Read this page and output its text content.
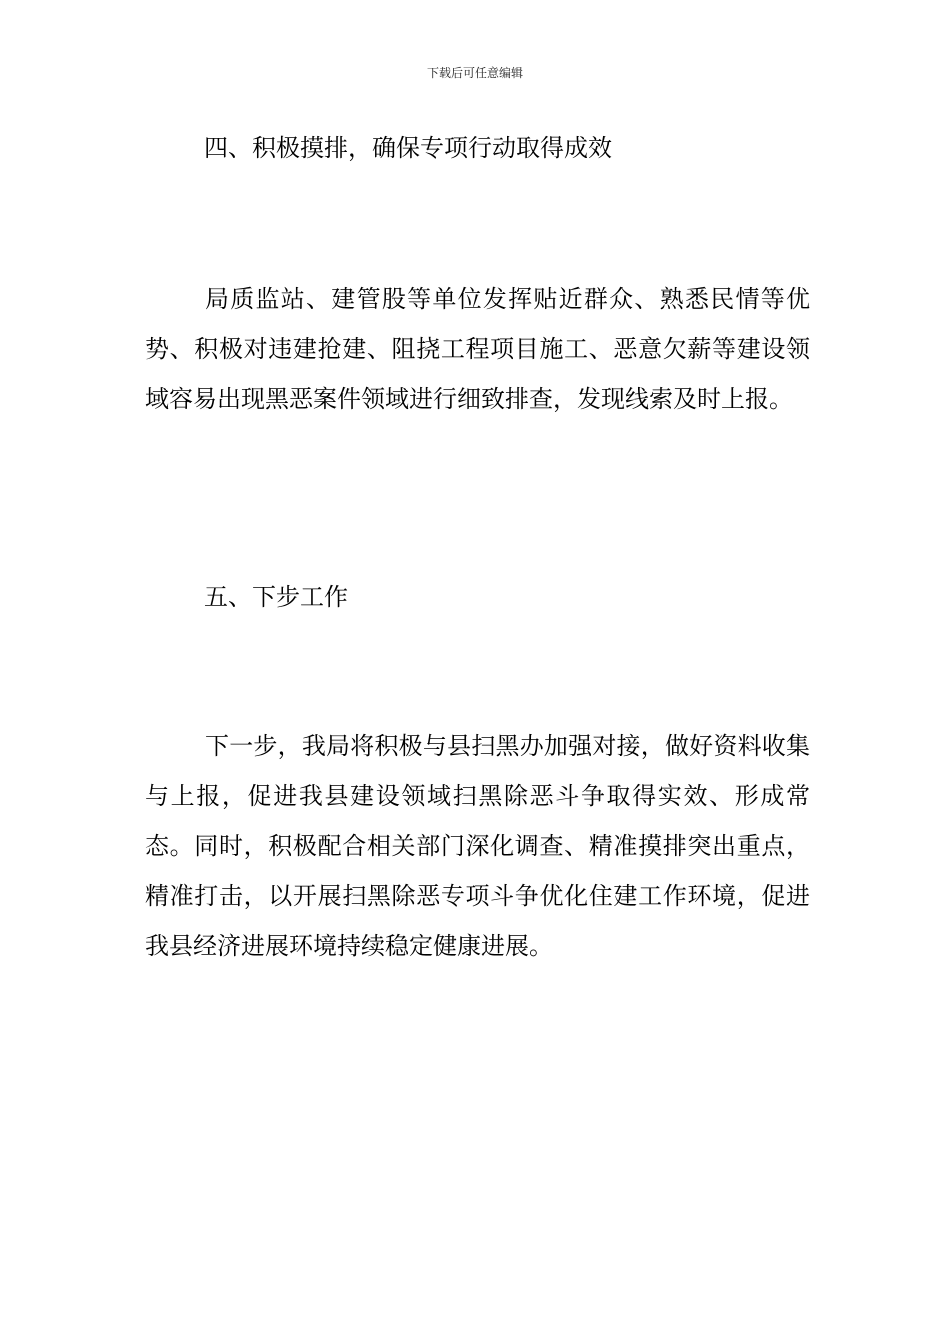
下载后可任意编辑
四、积极摸排，确保专项行动取得成效

局质监站、建管股等单位发挥贴近群众、熟悉民情等优势、积极对违建抢建、阻挠工程项目施工、恶意欠薪等建设领域容易出现黑恶案件领域进行细致排查，发现线索及时上报。

五、下步工作

下一步，我局将积极与县扫黑办加强对接，做好资料收集与上报，促进我县建设领域扫黑除恶斗争取得实效、形成常态。同时，积极配合相关部门深化调查、精准摸排突出重点，精准打击，以开展扫黑除恶专项斗争优化住建工作环境，促进我县经济进展环境持续稳定健康进展。
